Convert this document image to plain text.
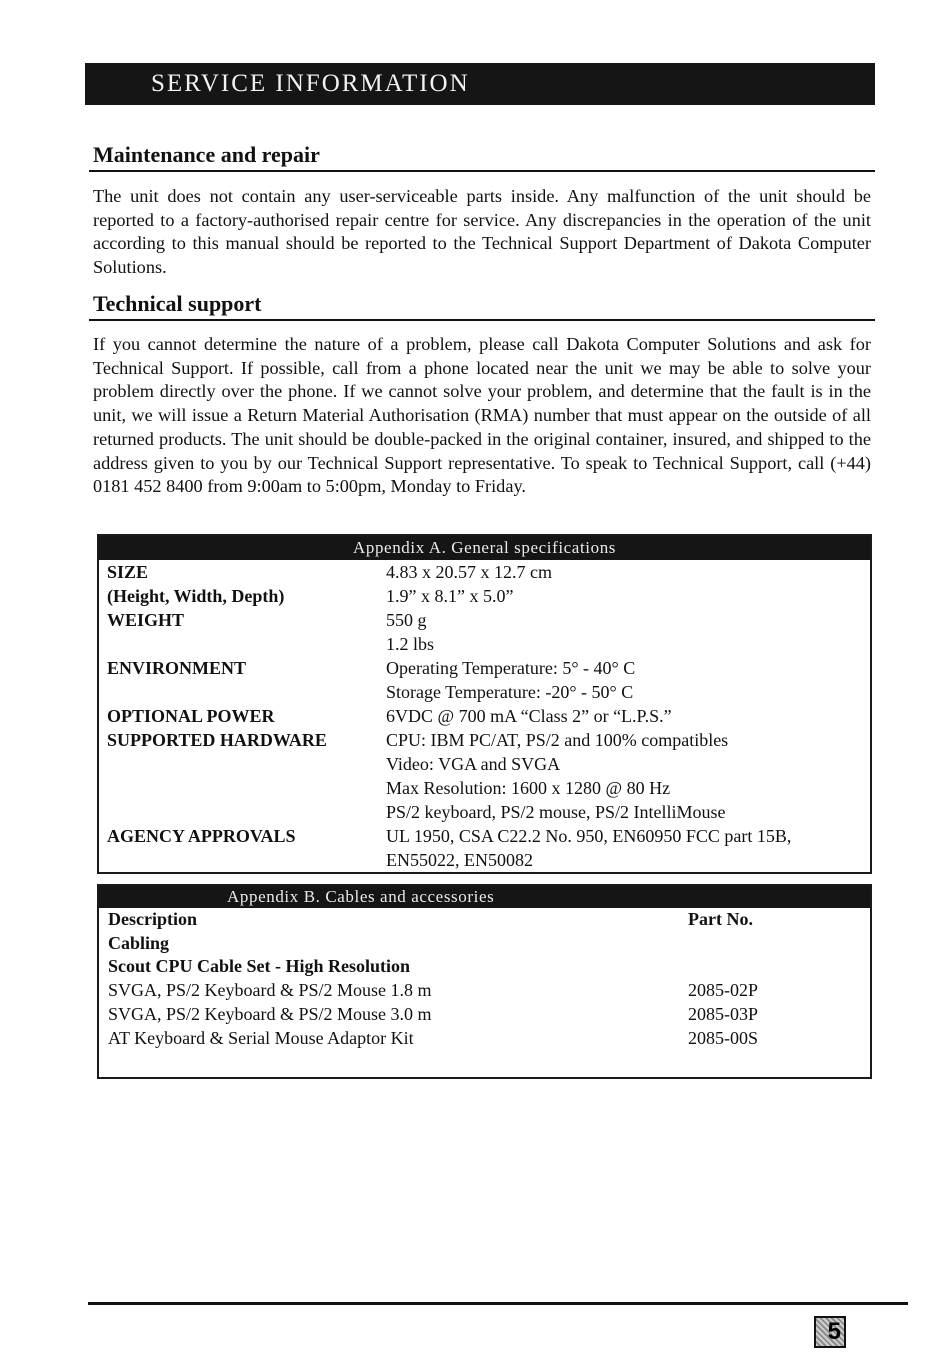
SERVICE INFORMATION
Maintenance and repair

The unit does not contain any user-serviceable parts inside. Any malfunction of the unit should be reported to a factory-authorised repair centre for service. Any discrepancies in the operation of the unit according to this manual should be reported to the Technical Support Department of Dakota Computer Solutions.

Technical support

If you cannot determine the nature of a problem, please call Dakota Computer Solutions and ask for Technical Support. If possible, call from a phone located near the unit we may be able to solve your problem directly over the phone. If we cannot solve your problem, and determine that the fault is in the unit, we will issue a Return Material Authorisation (RMA) number that must appear on the outside of all returned products. The unit should be double-packed in the original container, insured, and shipped to the address given to you by our Technical Support representative. To speak to Technical Support, call (+44) 0181 452 8400 from 9:00am to 5:00pm, Monday to Friday.

Appendix A. General specifications
SIZE	4.83 x 20.57 x 12.7 cm
(Height, Width, Depth)	1.9” x 8.1” x 5.0”
WEIGHT	550 g
1.2 lbs
ENVIRONMENT	Operating Temperature: 5° - 40° C
Storage Temperature: -20° - 50° C
OPTIONAL POWER	6VDC @ 700 mA “Class 2” or “L.P.S.”
SUPPORTED HARDWARE	CPU: IBM PC/AT, PS/2 and 100% compatibles
Video: VGA and SVGA
Max Resolution: 1600 x 1280 @ 80 Hz
PS/2 keyboard, PS/2 mouse, PS/2 IntelliMouse
AGENCY APPROVALS	UL 1950, CSA C22.2 No. 950, EN60950 FCC part 15B,
EN55022, EN50082
Appendix B. Cables and accessories
Description	Part No.
Cabling
Scout CPU Cable Set - High Resolution
SVGA, PS/2 Keyboard & PS/2 Mouse 1.8 m	2085-02P
SVGA, PS/2 Keyboard & PS/2 Mouse 3.0 m	2085-03P
AT Keyboard & Serial Mouse Adaptor Kit	2085-00S
5
